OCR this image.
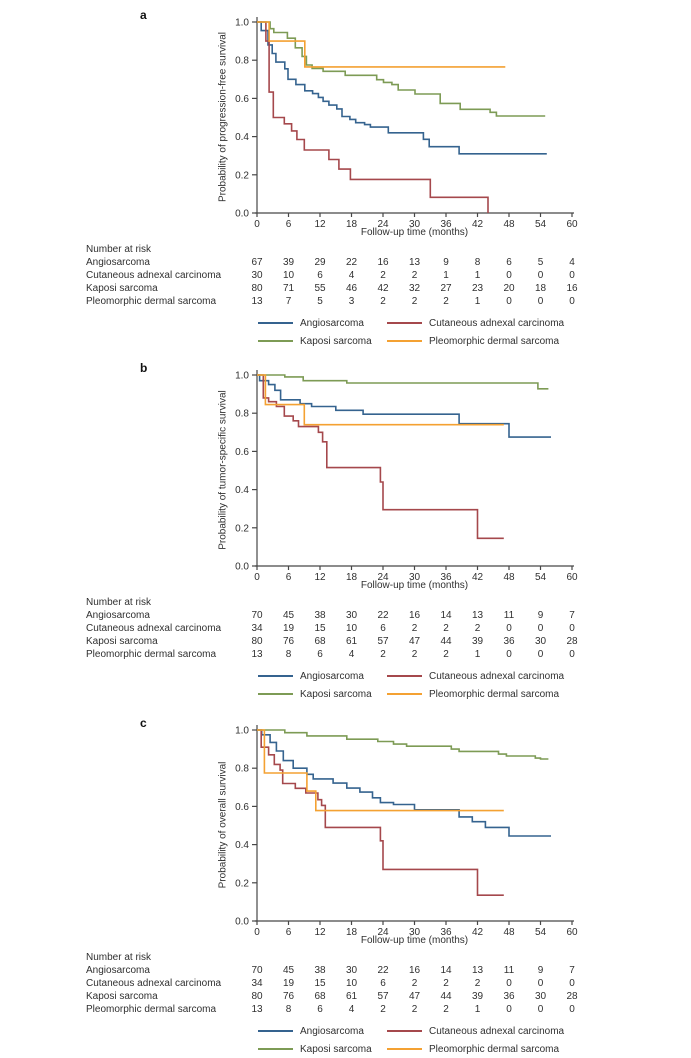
a
Probability of progression-free survival
0.0
0.2
0.4
0.6
0.8
1.0
0	6 12 18 24 30 36 42 48 54 60
Follow-up time (months)
Number at risk
Angiosarcoma	67	39	29	22	16	13	9	8	6	5	4
Cutaneous adnexal carcinoma	30	10	6	4	2	2	1	1	0	0	0
Kaposi sarcoma	80	71	55	46	42	32	27	23	20	18	16
Pleomorphic dermal sarcoma	13	7	5	3	2	2	2	1	0	0	0
Angiosarcoma	Cutaneous adnexal carcinoma
Kaposi sarcoma	Pleomorphic dermal sarcoma
b
Probability of tumor-specific survival
0.0
0.2
0.4
0.6
0.8
1.0
0	6 12 18 24 30 36 42 48 54 60
Follow-up time (months)
Number at risk
Angiosarcoma	70	45	38	30	22	16	14	13	11	9	7
Cutaneous adnexal carcinoma	34	19	15	10	6	2	2	2	0	0	0
Kaposi sarcoma	80	76	68	61	57	47	44	39	36	30	28
Pleomorphic dermal sarcoma	13	8	6	4	2	2	2	1	0	0	0
Angiosarcoma	Cutaneous adnexal carcinoma
Kaposi sarcoma	Pleomorphic dermal sarcoma
c
Probability of overall survival
0.0
0.2
0.4
0.6
0.8
1.0
0	6 12 18 24 30 36 42 48 54 60
Follow-up time (months)
Number at risk
Angiosarcoma	70	45	38	30	22	16	14	13	11	9	7
Cutaneous adnexal carcinoma	34	19	15	10	6	2	2	2	0	0	0
Kaposi sarcoma	80	76	68	61	57	47	44	39	36	30	28
Pleomorphic dermal sarcoma	13	8	6	4	2	2	2	1	0	0	0
Angiosarcoma	Cutaneous adnexal carcinoma
Kaposi sarcoma	Pleomorphic dermal sarcoma
